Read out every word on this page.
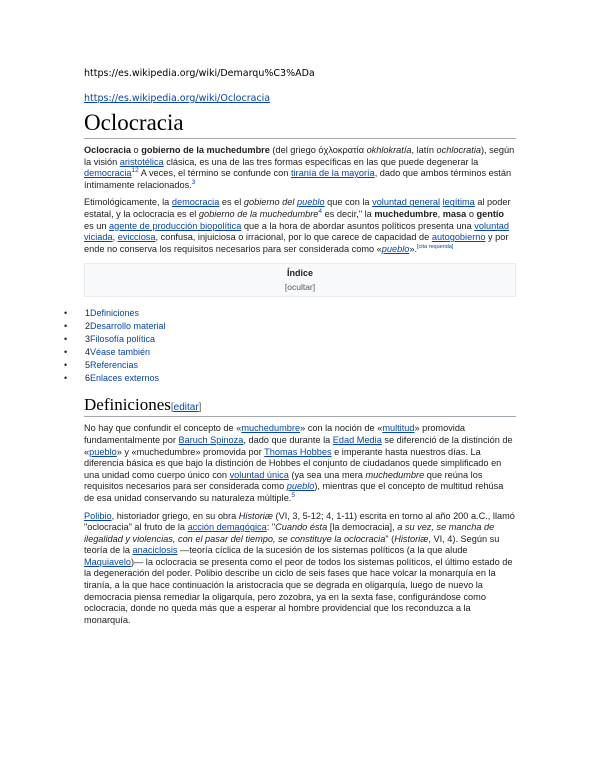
https://es.wikipedia.org/wiki/Demarqu%C3%ADa
https://es.wikipedia.org/wiki/Oclocracia
Oclocracia

Oclocracia o gobierno de la muchedumbre (del griego ὀχλοκρατία okhlokratía, latín ochlocratia), según la visión aristotélica clásica, es una de las tres formas específicas en las que puede degenerar la democracia$^{12}$ A veces, el término se confunde con tiranía de la mayoría, dado que ambos términos están íntimamente relacionados.$^3$

Etimológicamente, la democracia es el gobierno del pueblo que con la voluntad general legítima al poder estatal, y la oclocracia es el gobierno de la muchedumbre$^4$ es decir," la muchedumbre, masa o gentío es un agente de producción biopolítica que a la hora de abordar asuntos políticos presenta una voluntad viciada, evicciosa, confusa, injuiciosa o irracional, por lo que carece de capacidad de autogobierno y por ende no conserva los requisitos necesarios para ser considerada como «pueblo».[cita requerida]

Índice
[ocultar]
• 1Definiciones
• 2Desarrollo material
• 3Filosofía política
• 4Véase también
• 5Referencias
• 6Enlaces externos
Definiciones[editar]

No hay que confundir el concepto de «muchedumbre» con la noción de «multitud» promovida fundamentalmente por Baruch Spinoza, dado que durante la Edad Media se diferenció de la distinción de «pueblo» y «muchedumbre» promovida por Thomas Hobbes e imperante hasta nuestros días. La diferencia básica es que bajo la distinción de Hobbes el conjunto de ciudadanos quede simplificado en una unidad como cuerpo único con voluntad única (ya sea una mera muchedumbre que reúna los requisitos necesarios para ser considerada como pueblo), mientras que el concepto de multitud rehúsa de esa unidad conservando su naturaleza múltiple.$^5$

Polibio, historiador griego, en su obra Historiæ (VI, 3, 5-12; 4, 1-11) escrita en torno al año 200 a.C., llamó "oclocracia" al fruto de la acción demagógica: "Cuando ésta [la democracia], a su vez, se mancha de ilegalidad y violencias, con el pasar del tiempo, se constituye la oclocracia" (Historiæ, VI, 4). Según su teoría de la anaciclosis —teoría cíclica de la sucesión de los sistemas políticos (a la que alude Maquiavelo)— la oclocracia se presenta como el peor de todos los sistemas políticos, el último estado de la degeneración del poder. Polibio describe un ciclo de seis fases que hace volcar la monarquía en la tiranía, a la que hace continuación la aristocracia que se degrada en oligarquía, luego de nuevo la democracia piensa remediar la oligarquía, pero zozobra, ya en la sexta fase, configurándose como oclocracia, donde no queda más que a esperar al hombre providencial que los reconduzca a la monarquía.
